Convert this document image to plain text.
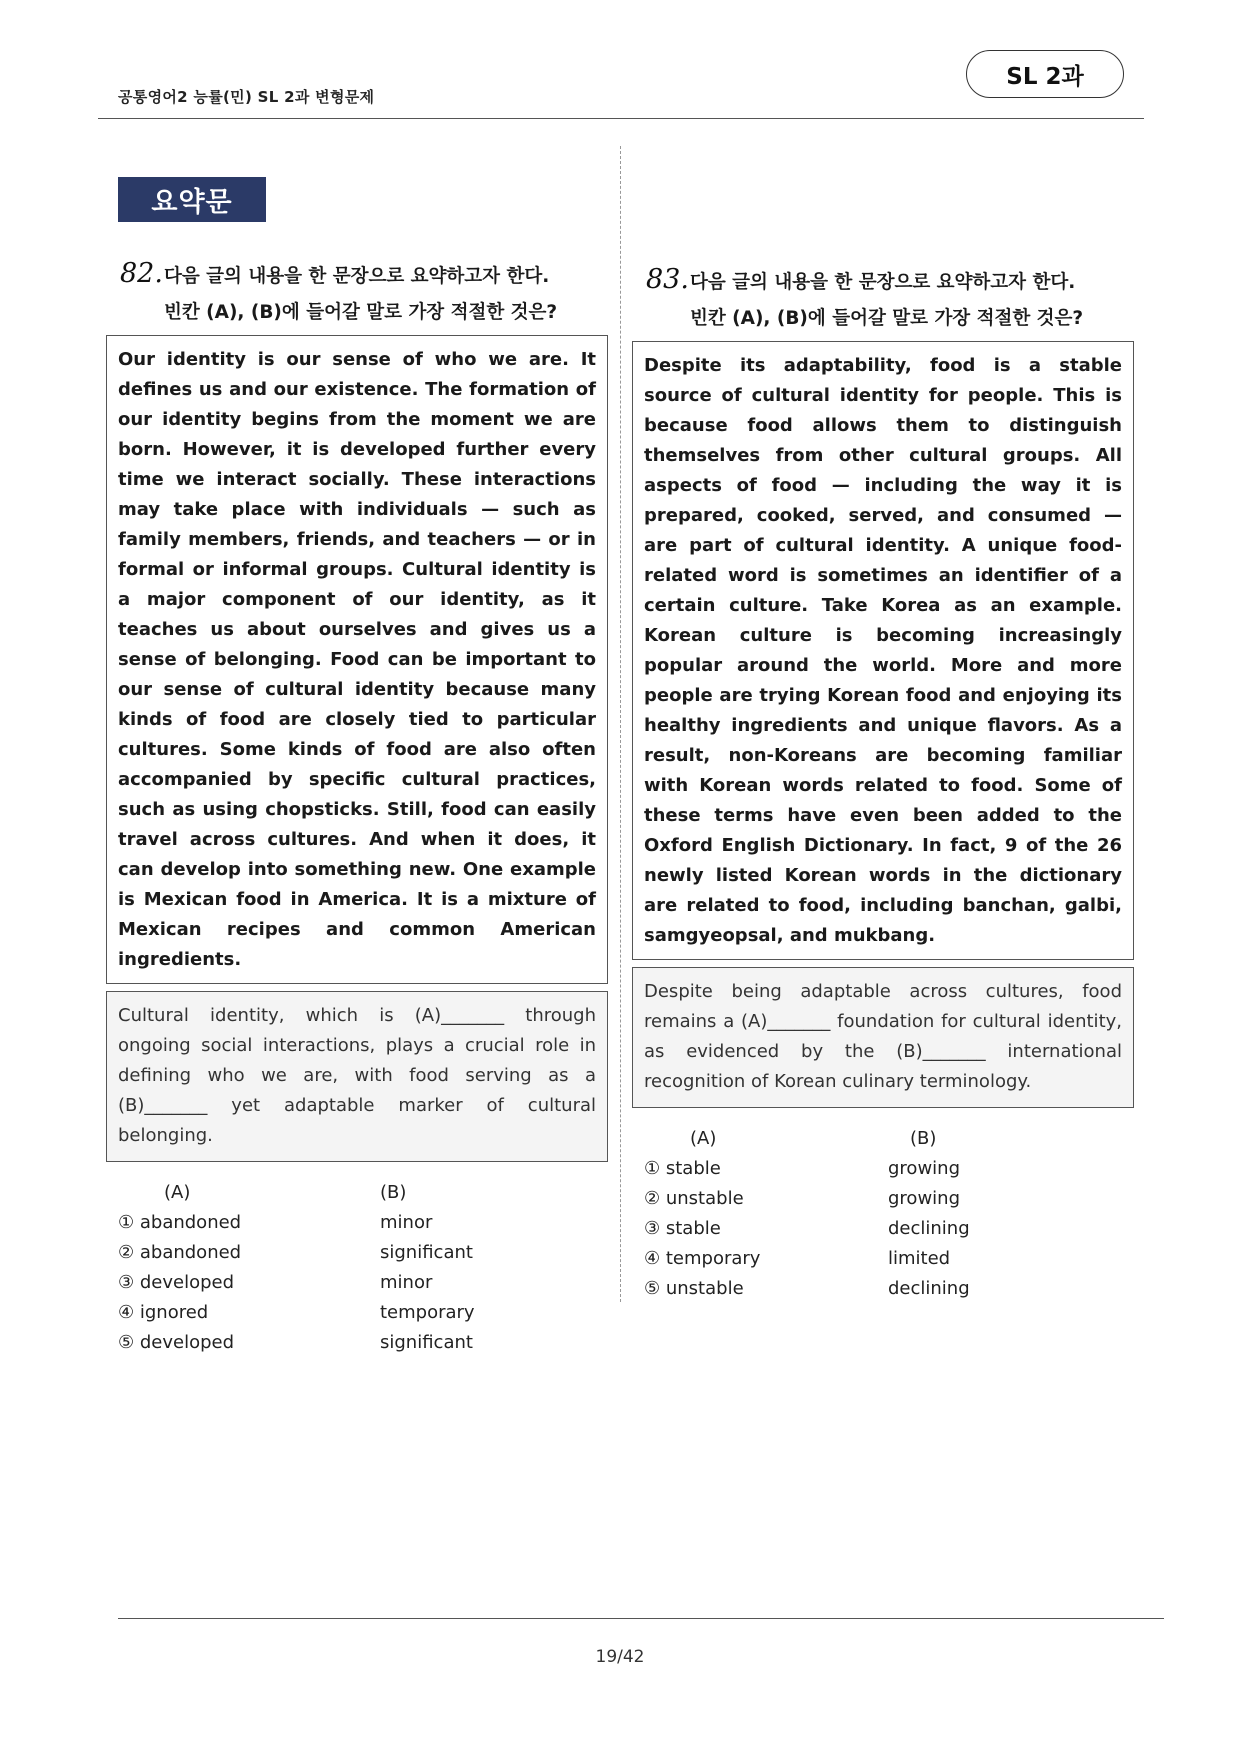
공통영어2 능률(민) SL 2과 변형문제
SL 2과
요약문
82. 다음 글의 내용을 한 문장으로 요약하고자 한다.
빈칸 (A), (B)에 들어갈 말로 가장 적절한 것은?
Our identity is our sense of who we are. It defines us and our existence. The formation of our identity begins from the moment we are born. However, it is developed further every time we interact socially. These interactions may take place with individuals — such as family members, friends, and teachers — or in formal or informal groups. Cultural identity is a major component of our identity, as it teaches us about ourselves and gives us a sense of belonging. Food can be important to our sense of cultural identity because many kinds of food are closely tied to particular cultures. Some kinds of food are also often accompanied by specific cultural practices, such as using chopsticks. Still, food can easily travel across cultures. And when it does, it can develop into something new. One example is Mexican food in America. It is a mixture of Mexican recipes and common American ingredients.
Cultural identity, which is (A)_______ through ongoing social interactions, plays a crucial role in defining who we are, with food serving as a (B)_______ yet adaptable marker of cultural belonging.
(A)	(B)
① abandoned	minor
② abandoned	significant
③ developed	minor
④ ignored	temporary
⑤ developed	significant
83. 다음 글의 내용을 한 문장으로 요약하고자 한다.
빈칸 (A), (B)에 들어갈 말로 가장 적절한 것은?
Despite its adaptability, food is a stable source of cultural identity for people. This is because food allows them to distinguish themselves from other cultural groups. All aspects of food — including the way it is prepared, cooked, served, and consumed — are part of cultural identity. A unique food-related word is sometimes an identifier of a certain culture. Take Korea as an example. Korean culture is becoming increasingly popular around the world. More and more people are trying Korean food and enjoying its healthy ingredients and unique flavors. As a result, non-Koreans are becoming familiar with Korean words related to food. Some of these terms have even been added to the Oxford English Dictionary. In fact, 9 of the 26 newly listed Korean words in the dictionary are related to food, including banchan, galbi, samgyeopsal, and mukbang.
Despite being adaptable across cultures, food remains a (A)_______ foundation for cultural identity, as evidenced by the (B)_______ international recognition of Korean culinary terminology.
(A)	(B)
① stable	growing
② unstable	growing
③ stable	declining
④ temporary	limited
⑤ unstable	declining
19/42
